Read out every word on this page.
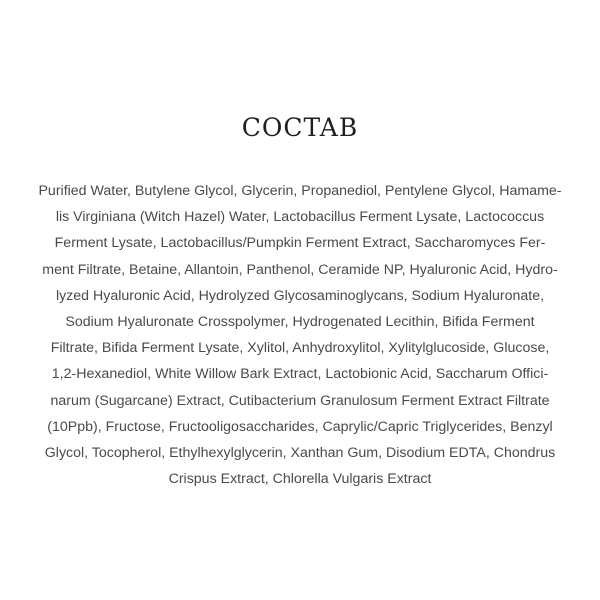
COCTAB
Purified Water, Butylene Glycol, Glycerin, Propanediol, Pentylene Glycol, Hamame-
lis Virginiana (Witch Hazel) Water, Lactobacillus Ferment Lysate, Lactococcus
Ferment Lysate, Lactobacillus/Pumpkin Ferment Extract, Saccharomyces Fer-
ment Filtrate, Betaine, Allantoin, Panthenol, Ceramide NP, Hyaluronic Acid, Hydro-
lyzed Hyaluronic Acid, Hydrolyzed Glycosaminoglycans, Sodium Hyaluronate,
Sodium Hyaluronate Crosspolymer, Hydrogenated Lecithin, Bifida Ferment
Filtrate, Bifida Ferment Lysate, Xylitol, Anhydroxylitol, Xylitylglucoside, Glucose,
1,2-Hexanediol, White Willow Bark Extract, Lactobionic Acid, Saccharum Offici-
narum (Sugarcane) Extract, Cutibacterium Granulosum Ferment Extract Filtrate
(10Ppb), Fructose, Fructooligosaccharides, Caprylic/Capric Triglycerides, Benzyl
Glycol, Tocopherol, Ethylhexylglycerin, Xanthan Gum, Disodium EDTA, Chondrus
Crispus Extract, Chlorella Vulgaris Extract
